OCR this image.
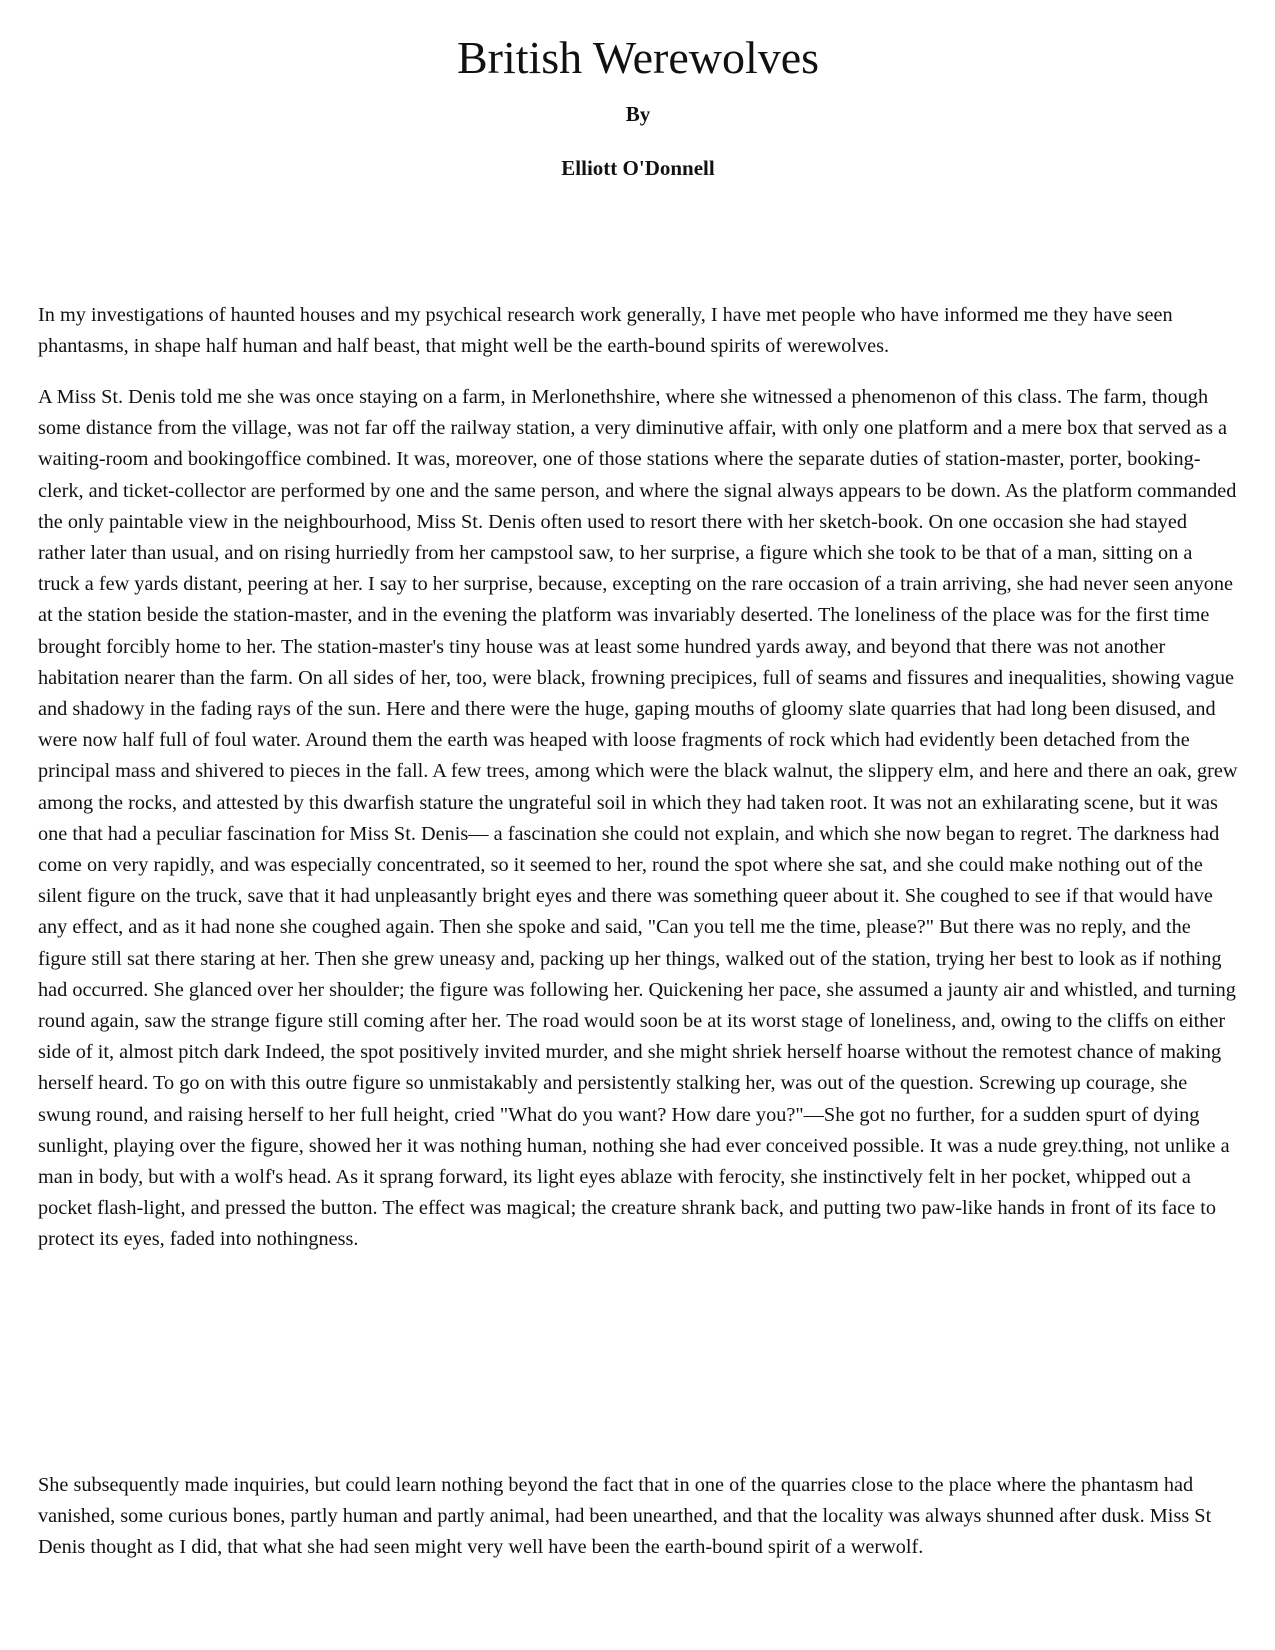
British Werewolves
By
Elliott O'Donnell

In my investigations of haunted houses and my psychical research work generally, I have met people who have informed me they have seen phantasms, in shape half human and half beast, that might well be the earth-bound spirits of werewolves.

A Miss St. Denis told me she was once staying on a farm, in Merlonethshire, where she witnessed a phenomenon of this class. The farm, though some distance from the village, was not far off the railway station, a very diminutive affair, with only one platform and a mere box that served as a waiting-room and bookingoffice combined. It was, moreover, one of those stations where the separate duties of station-master, porter, booking-clerk, and ticket-collector are performed by one and the same person, and where the signal always appears to be down. As the platform commanded the only paintable view in the neighbourhood, Miss St. Denis often used to resort there with her sketch-book. On one occasion she had stayed rather later than usual, and on rising hurriedly from her campstool saw, to her surprise, a figure which she took to be that of a man, sitting on a truck a few yards distant, peering at her. I say to her surprise, because, excepting on the rare occasion of a train arriving, she had never seen anyone at the station beside the station-master, and in the evening the platform was invariably deserted. The loneliness of the place was for the first time brought forcibly home to her. The station-master's tiny house was at least some hundred yards away, and beyond that there was not another habitation nearer than the farm. On all sides of her, too, were black, frowning precipices, full of seams and fissures and inequalities, showing vague and shadowy in the fading rays of the sun. Here and there were the huge, gaping mouths of gloomy slate quarries that had long been disused, and were now half full of foul water. Around them the earth was heaped with loose fragments of rock which had evidently been detached from the principal mass and shivered to pieces in the fall. A few trees, among which were the black walnut, the slippery elm, and here and there an oak, grew among the rocks, and attested by this dwarfish stature the ungrateful soil in which they had taken root. It was not an exhilarating scene, but it was one that had a peculiar fascination for Miss St. Denis— a fascination she could not explain, and which she now began to regret. The darkness had come on very rapidly, and was especially concentrated, so it seemed to her, round the spot where she sat, and she could make nothing out of the silent figure on the truck, save that it had unpleasantly bright eyes and there was something queer about it. She coughed to see if that would have any effect, and as it had none she coughed again. Then she spoke and said, "Can you tell me the time, please?" But there was no reply, and the figure still sat there staring at her. Then she grew uneasy and, packing up her things, walked out of the station, trying her best to look as if nothing had occurred. She glanced over her shoulder; the figure was following her. Quickening her pace, she assumed a jaunty air and whistled, and turning round again, saw the strange figure still coming after her. The road would soon be at its worst stage of loneliness, and, owing to the cliffs on either side of it, almost pitch dark Indeed, the spot positively invited murder, and she might shriek herself hoarse without the remotest chance of making herself heard. To go on with this outre figure so unmistakably and persistently stalking her, was out of the question. Screwing up courage, she swung round, and raising herself to her full height, cried "What do you want? How dare you?"—She got no further, for a sudden spurt of dying sunlight, playing over the figure, showed her it was nothing human, nothing she had ever conceived possible. It was a nude grey.thing, not unlike a man in body, but with a wolf's head. As it sprang forward, its light eyes ablaze with ferocity, she instinctively felt in her pocket, whipped out a pocket flash-light, and pressed the button. The effect was magical; the creature shrank back, and putting two paw-like hands in front of its face to protect its eyes, faded into nothingness.

She subsequently made inquiries, but could learn nothing beyond the fact that in one of the quarries close to the place where the phantasm had vanished, some curious bones, partly human and partly animal, had been unearthed, and that the locality was always shunned after dusk. Miss St Denis thought as I did, that what she had seen might very well have been the earth-bound spirit of a werwolf.
